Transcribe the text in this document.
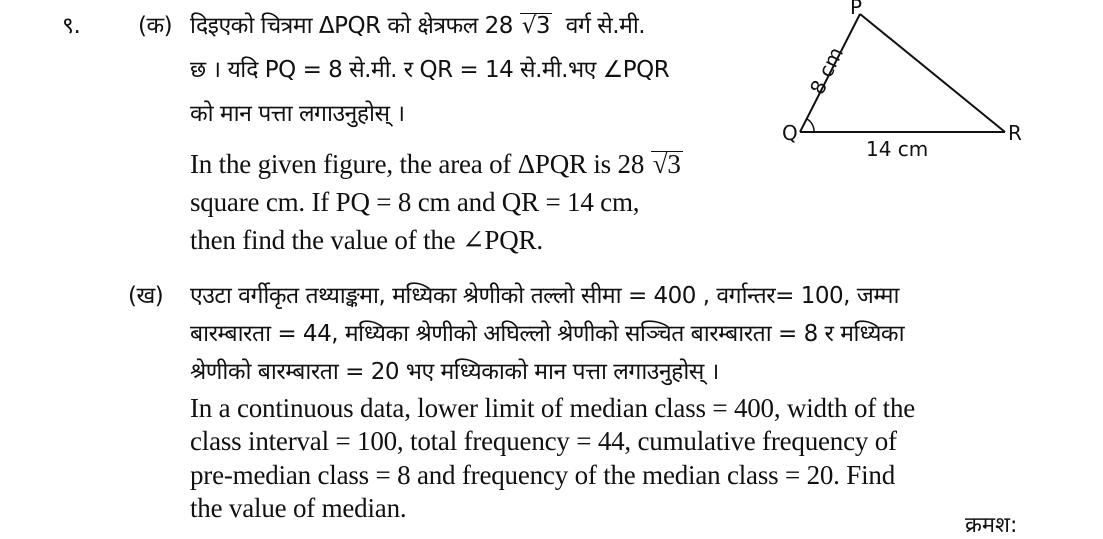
९.	(क) दिइएको चित्रमा ΔPQR को क्षेत्रफल 28 √3 वर्ग से.मी.
छ । यदि PQ = 8 से.मी. र QR = 14 से.मी.भए ∠PQR
को मान पत्ता लगाउनुहोस् ।
In the given figure, the area of ΔPQR is 28 √3
square cm. If PQ = 8 cm and QR = 14 cm,
then find the value of the ∠PQR.
P
Q	R
8 cm
14 cm
(ख) एउटा वर्गीकृत तथ्याङ्कमा, मध्यिका श्रेणीको तल्लो सीमा = 400 , वर्गान्तर= 100, जम्मा
बारम्बारता = 44, मध्यिका श्रेणीको अघिल्लो श्रेणीको सञ्चित बारम्बारता = 8 र मध्यिका
श्रेणीको बारम्बारता = 20 भए मध्यिकाको मान पत्ता लगाउनुहोस् ।
In a continuous data, lower limit of median class = 400, width of the
class interval = 100, total frequency = 44, cumulative frequency of
pre-median class = 8 and frequency of the median class = 20. Find
the value of median.
क्रमश:
